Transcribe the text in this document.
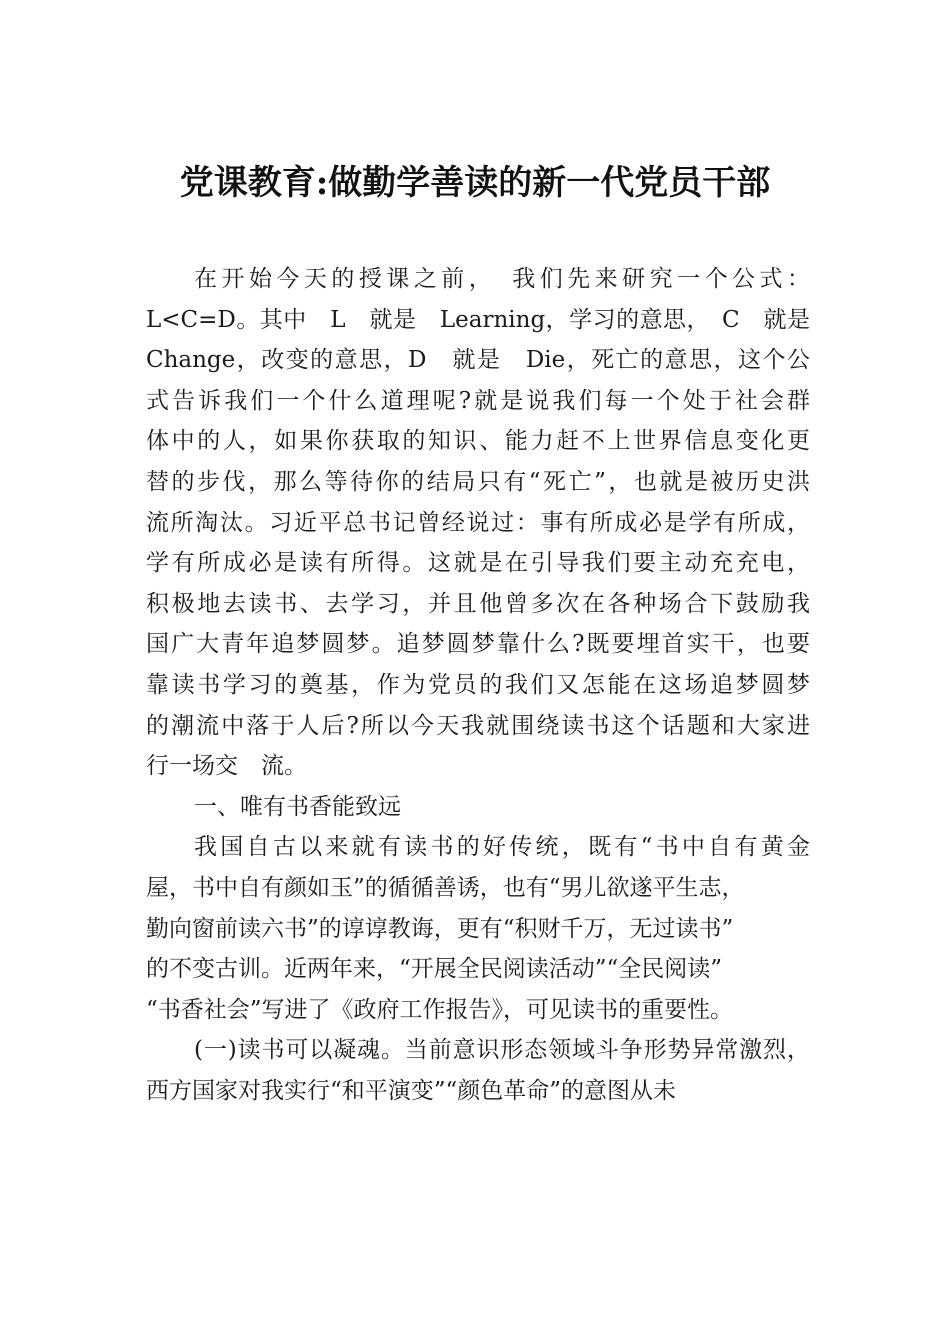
党课教育:做勤学善读的新一代党员干部
在开始今天的授课之前，　我们先来研究一个公式：
L<C=D。其中　L　就是　Learning，学习的意思，　C　就是
Change，改变的意思，D　就是　Die，死亡的意思，这个公
式告诉我们一个什么道理呢?就是说我们每一个处于社会群
体中的人，如果你获取的知识、能力赶不上世界信息变化更
替的步伐，那么等待你的结局只有“死亡”，也就是被历史洪
流所淘汰。习近平总书记曾经说过：事有所成必是学有所成，
学有所成必是读有所得。这就是在引导我们要主动充充电，
积极地去读书、去学习，并且他曾多次在各种场合下鼓励我
国广大青年追梦圆梦。追梦圆梦靠什么?既要埋首实干，也要
靠读书学习的奠基，作为党员的我们又怎能在这场追梦圆梦
的潮流中落于人后?所以今天我就围绕读书这个话题和大家进
行一场交　流。
一、唯有书香能致远
我国自古以来就有读书的好传统，既有“书中自有黄金
屋，书中自有颜如玉”的循循善诱，也有“男儿欲遂平生志，
勤向窗前读六书”的谆谆教诲，更有“积财千万，无过读书”
的不变古训。近两年来，“开展全民阅读活动”“全民阅读”
“书香社会”写进了《政府工作报告》，可见读书的重要性。
(一)读书可以凝魂。当前意识形态领域斗争形势异常激烈，
西方国家对我实行“和平演变”“颜色革命”的意图从未
